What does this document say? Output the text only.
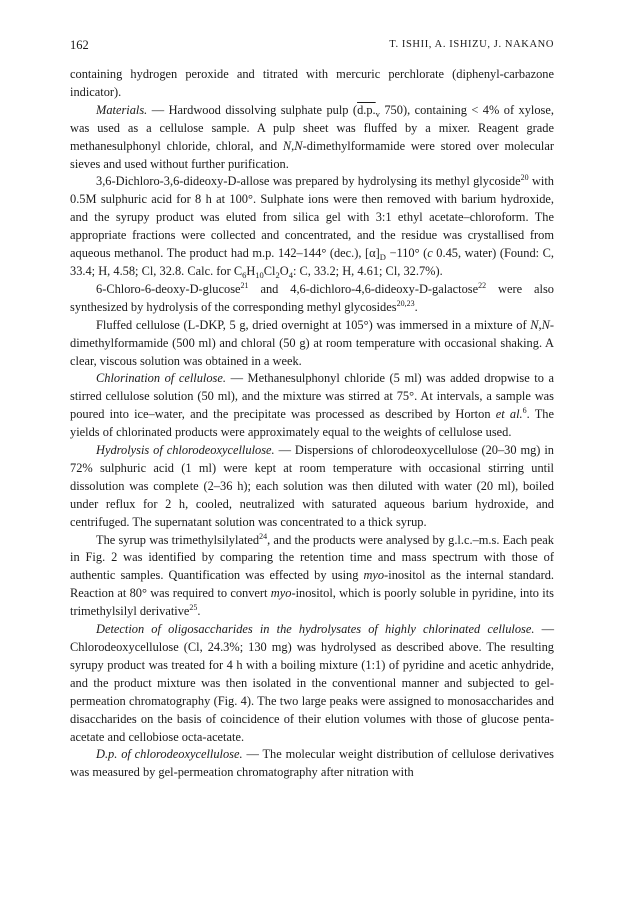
162	T. ISHII, A. ISHIZU, J. NAKANO

containing hydrogen peroxide and titrated with mercuric perchlorate (diphenyl-carbazone indicator).

Materials. — Hardwood dissolving sulphate pulp ($d.p._v$ 750), containing < 4% of xylose, was used as a cellulose sample. A pulp sheet was fluffed by a mixer. Reagent grade methanesulphonyl chloride, chloral, and N,N-dimethylformamide were stored over molecular sieves and used without further purification.

3,6-Dichloro-3,6-dideoxy-D-allose was prepared by hydrolysing its methyl glycoside$^{20}$ with 0.5M sulphuric acid for 8 h at 100°. Sulphate ions were then removed with barium hydroxide, and the syrupy product was eluted from silica gel with 3:1 ethyl acetate–chloroform. The appropriate fractions were collected and concentrated, and the residue was crystallised from aqueous methanol. The product had m.p. 142–144° (dec.), $[\alpha]_D -110^\circ$ (c 0.45, water) (Found: C, 33.4; H, 4.58; Cl, 32.8. Calc. for $C_6H_{10}Cl_2O_4$: C, 33.2; H, 4.61; Cl, 32.7%).

6-Chloro-6-deoxy-D-glucose$^{21}$ and 4,6-dichloro-4,6-dideoxy-D-galactose$^{22}$ were also synthesized by hydrolysis of the corresponding methyl glycosides$^{20,23}$.

Fluffed cellulose (L-DKP, 5 g, dried overnight at 105°) was immersed in a mixture of N,N-dimethylformamide (500 ml) and chloral (50 g) at room temperature with occasional shaking. A clear, viscous solution was obtained in a week.

Chlorination of cellulose. — Methanesulphonyl chloride (5 ml) was added dropwise to a stirred cellulose solution (50 ml), and the mixture was stirred at 75°. At intervals, a sample was poured into ice–water, and the precipitate was processed as described by Horton et al.$^6$. The yields of chlorinated products were approximately equal to the weights of cellulose used.

Hydrolysis of chlorodeoxycellulose. — Dispersions of chlorodeoxycellulose (20–30 mg) in 72% sulphuric acid (1 ml) were kept at room temperature with occasional stirring until dissolution was complete (2–36 h); each solution was then diluted with water (20 ml), boiled under reflux for 2 h, cooled, neutralized with saturated aqueous barium hydroxide, and centrifuged. The supernatant solution was concentrated to a thick syrup.

The syrup was trimethylsilylated$^{24}$, and the products were analysed by g.l.c.–m.s. Each peak in Fig. 2 was identified by comparing the retention time and mass spectrum with those of authentic samples. Quantification was effected by using myo-inositol as the internal standard. Reaction at 80° was required to convert myo-inositol, which is poorly soluble in pyridine, into its trimethylsilyl derivative$^{25}$.

Detection of oligosaccharides in the hydrolysates of highly chlorinated cellulose. — Chlorodeoxycellulose (Cl, 24.3%; 130 mg) was hydrolysed as described above. The resulting syrupy product was treated for 4 h with a boiling mixture (1:1) of pyridine and acetic anhydride, and the product mixture was then isolated in the conventional manner and subjected to gel-permeation chromatography (Fig. 4). The two large peaks were assigned to monosaccharides and disaccharides on the basis of coincidence of their elution volumes with those of glucose penta-acetate and cellobiose octa-acetate.

D.p. of chlorodeoxycellulose. — The molecular weight distribution of cellulose derivatives was measured by gel-permeation chromatography after nitration with
